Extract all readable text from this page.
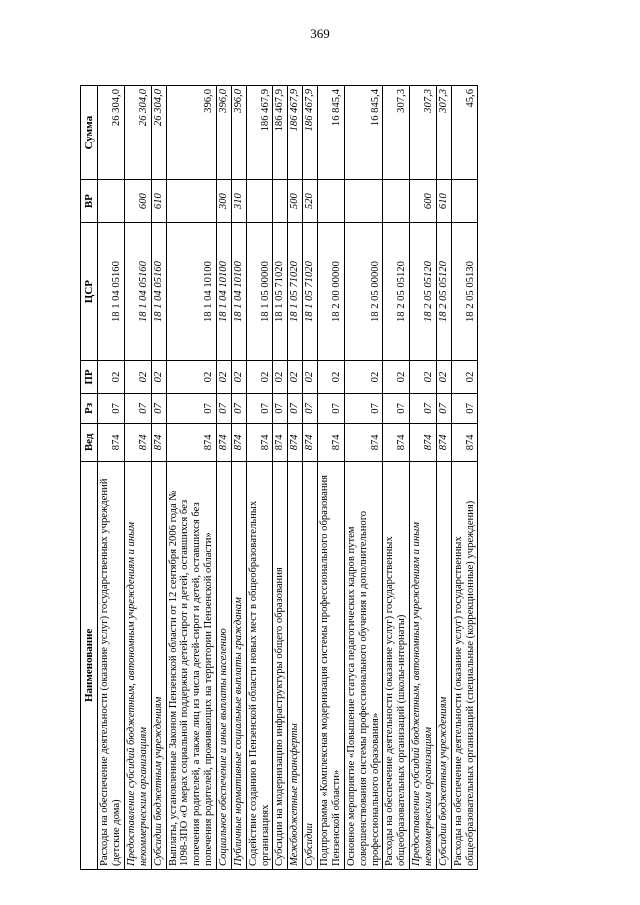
369
Наименование	Вед	Рз	ПР	ЦСР	ВР	Сумма
Расходы на обеспечение деятельности (оказание услуг) государственных учреждений (детские дома)	874	07	02	18 1 04 05160		26 304,0
Предоставление субсидий бюджетным, автономным учреждениям и иным некоммерческим организациям	874	07	02	18 1 04 05160	600	26 304,0
Субсидии бюджетным учреждениям	874	07	02	18 1 04 05160	610	26 304,0
Выплаты, установленные Законом Пензенской области от 12 сентября 2006 года № 1098-ЗПО «О мерах социальной поддержки детей-сирот и детей, оставшихся без попечения родителей, а также лиц из числа детей-сирот и детей, оставшихся без попечения родителей, проживающих на территории Пензенской области»	874	07	02	18 1 04 10100		396,0
Социальное обеспечение и иные выплаты населению	874	07	02	18 1 04 10100	300	396,0
Публичные нормативные социальные выплаты гражданам	874	07	02	18 1 04 10100	310	396,0
Содействие созданию в Пензенской области новых мест в общеобразовательных организациях	874	07	02	18 1 05 00000		186 467,9
Субсидии на модернизацию инфраструктуры общего образования	874	07	02	18 1 05 71020		186 467,9
Межбюджетные трансферты	874	07	02	18 1 05 71020	500	186 467,9
Субсидии	874	07	02	18 1 05 71020	520	186 467,9
Подпрограмма «Комплексная модернизация системы профессионального образования Пензенской области»	874	07	02	18 2 00 00000		16 845,4
Основное мероприятие «Повышение статуса педагогических кадров путем совершенствования системы профессионального обучения и дополнительного профессионального образования»	874	07	02	18 2 05 00000		16 845,4
Расходы на обеспечение деятельности (оказание услуг) государственных общеобразовательных организаций (школы-интернаты)	874	07	02	18 2 05 05120		307,3
Предоставление субсидий бюджетным, автономным учреждениям и иным некоммерческим организациям	874	07	02	18 2 05 05120	600	307,3
Субсидии бюджетным учреждениям	874	07	02	18 2 05 05120	610	307,3
Расходы на обеспечение деятельности (оказание услуг) государственных общеобразовательных организаций (специальные (коррекционные) учреждения)	874	07	02	18 2 05 05130		45,6
